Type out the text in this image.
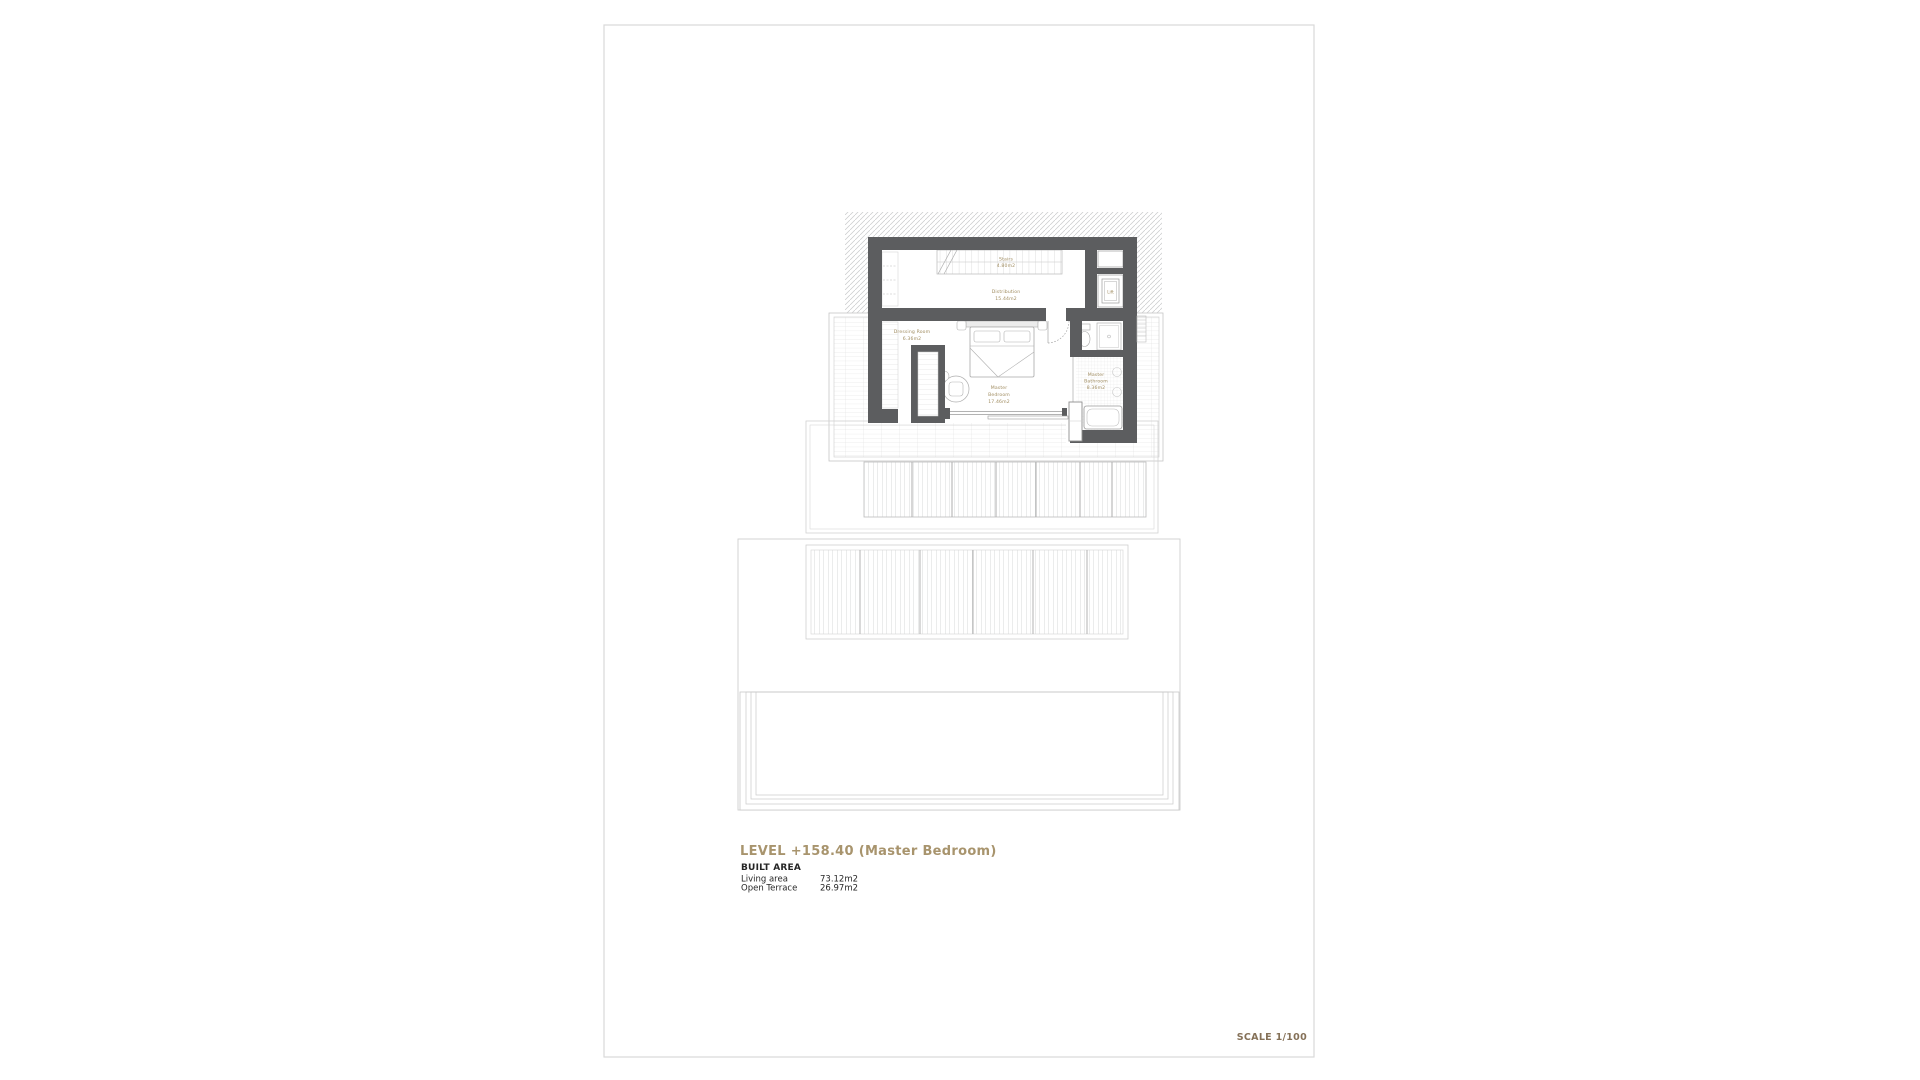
Stairs
4.80m2
Distribution
15.44m2
Lift
Dressing Room
6.36m2
Master
Bedroom
17.46m2
Master
Bathroom
8.36m2
LEVEL +158.40 (Master Bedroom)
BUILT AREA
Living area	73.12m2
Open Terrace	26.97m2
SCALE 1/100
